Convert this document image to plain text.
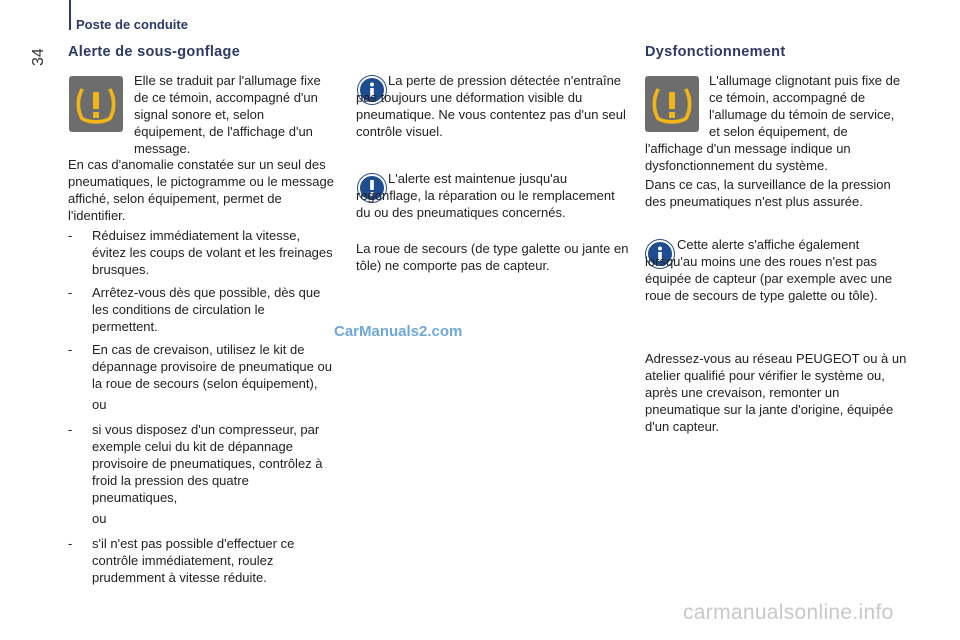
Poste de conduite
34 Alerte de sous-gonflage

Elle se traduit par l'allumage fixe de ce témoin, accompagné d'un signal sonore et, selon équipement, de l'affichage d'un message.

En cas d'anomalie constatée sur un seul des pneumatiques, le pictogramme ou le message affiché, selon équipement, permet de l'identifier.

- Réduisez immédiatement la vitesse, évitez les coups de volant et les freinages brusques.
- Arrêtez-vous dès que possible, dès que les conditions de circulation le permettent.
- En cas de crevaison, utilisez le kit de dépannage provisoire de pneumatique ou la roue de secours (selon équipement),
ou
- si vous disposez d'un compresseur, par exemple celui du kit de dépannage provisoire de pneumatiques, contrôlez à froid la pression des quatre pneumatiques,
ou
- s'il n'est pas possible d'effectuer ce contrôle immédiatement, roulez prudemment à vitesse réduite.

La perte de pression détectée n'entraîne pas toujours une déformation visible du pneumatique. Ne vous contentez pas d'un seul contrôle visuel.

L'alerte est maintenue jusqu'au regonflage, la réparation ou le remplacement du ou des pneumatiques concernés.

La roue de secours (de type galette ou jante en tôle) ne comporte pas de capteur.

CarManuals2.com
Dysfonctionnement

L'allumage clignotant puis fixe de ce témoin, accompagné de l'allumage du témoin de service, et selon équipement, de l'affichage d'un message indique un dysfonctionnement du système.

Dans ce cas, la surveillance de la pression des pneumatiques n'est plus assurée.

Cette alerte s'affiche également lorsqu'au moins une des roues n'est pas équipée de capteur (par exemple avec une roue de secours de type galette ou tôle).

Adressez-vous au réseau PEUGEOT ou à un atelier qualifié pour vérifier le système ou, après une crevaison, remonter un pneumatique sur la jante d'origine, équipée d'un capteur.

carmanualsonline.info
